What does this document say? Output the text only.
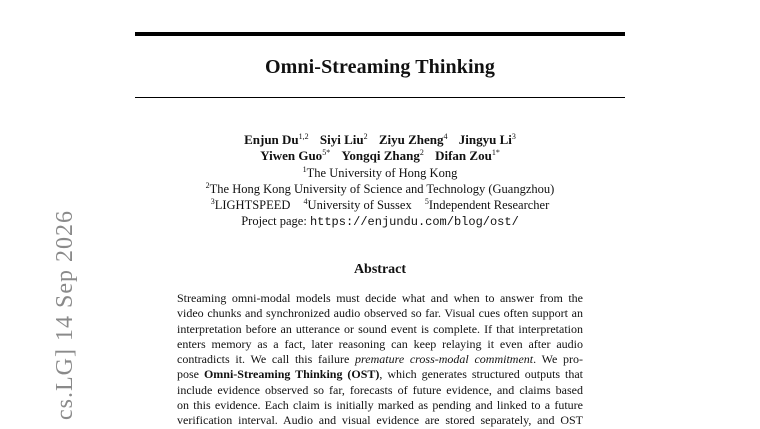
Omni-Streaming Thinking
Enjun Du$^{1,2}$ Siyi Liu$^2$ Ziyu Zheng$^4$ Jingyu Li$^3$
Yiwen Guo$^{5*}$ Yongqi Zhang$^2$ Difan Zou$^{1*}$
$^1$The University of Hong Kong
$^2$The Hong Kong University of Science and Technology (Guangzhou)
$^3$LIGHTSPEED $^4$University of Sussex $^5$Independent Researcher
Project page: https://enjundu.com/blog/ost/
Abstract
Streaming omni-modal models must decide what and when to answer from the
video chunks and synchronized audio observed so far. Visual cues often support an
interpretation before an utterance or sound event is complete. If that interpretation
enters memory as a fact, later reasoning can keep relaying it even after audio
contradicts it. We call this failure premature cross-modal commitment. We pro-
pose Omni-Streaming Thinking (OST), which generates structured outputs that
include evidence observed so far, forecasts of future evidence, and claims based
on this evidence. Each claim is initially marked as pending and linked to a future
verification interval. Audio and visual evidence are stored separately, and OST
cs.LG] 14 Sep 2026
